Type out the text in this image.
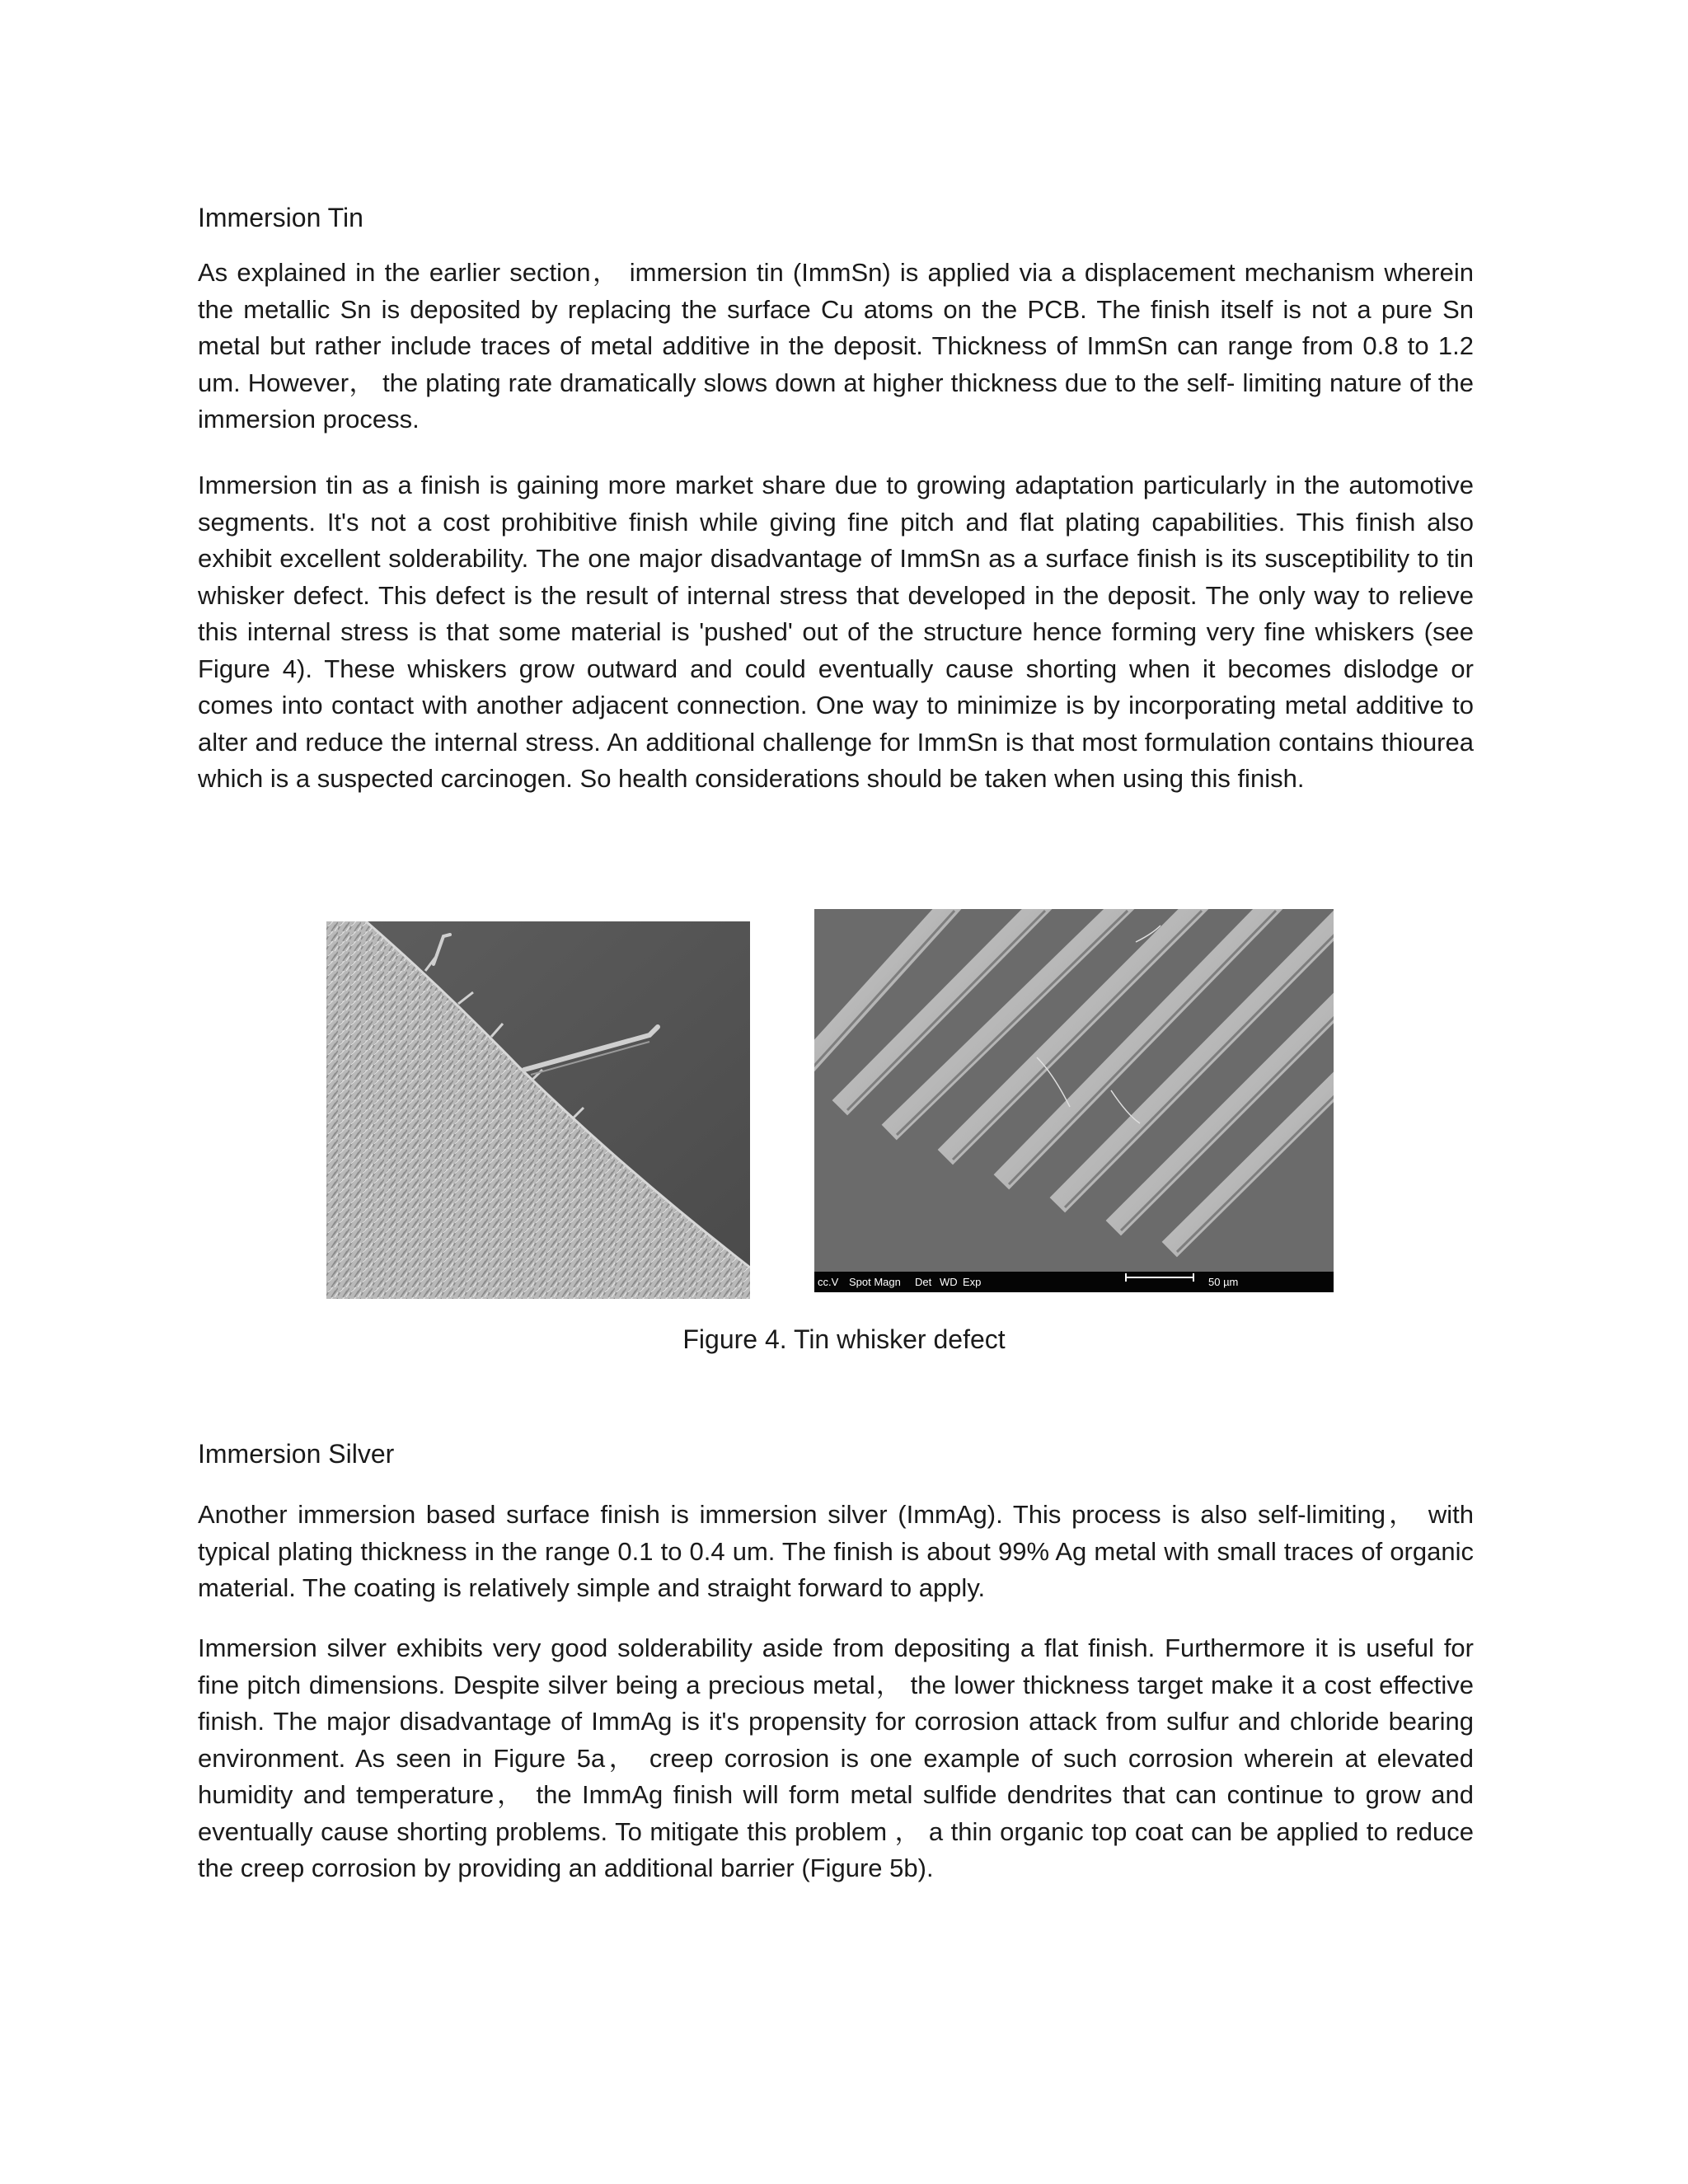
Immersion Tin

As explained in the earlier section， immersion tin (ImmSn) is applied via a displacement mechanism wherein the metallic Sn is deposited by replacing the surface Cu atoms on the PCB. The finish itself is not a pure Sn metal but rather include traces of metal additive in the deposit. Thickness of ImmSn can range from 0.8 to 1.2 um. However， the plating rate dramatically slows down at higher thickness due to the self- limiting nature of the immersion process.

Immersion tin as a finish is gaining more market share due to growing adaptation particularly in the automotive segments. It's not a cost prohibitive finish while giving fine pitch and flat plating capabilities. This finish also exhibit excellent solderability. The one major disadvantage of ImmSn as a surface finish is its susceptibility to tin whisker defect. This defect is the result of internal stress that developed in the deposit. The only way to relieve this internal stress is that some material is 'pushed' out of the structure hence forming very fine whiskers (see Figure 4). These whiskers grow outward and could eventually cause shorting when it becomes dislodge or comes into contact with another adjacent connection. One way to minimize is by incorporating metal additive to alter and reduce the internal stress. An additional challenge for ImmSn is that most formulation contains thiourea which is a suspected carcinogen. So health considerations should be taken when using this finish.

cc.V Spot Magn Det WD Exp	50 µm

Figure 4. Tin whisker defect

Immersion Silver

Another immersion based surface finish is immersion silver (ImmAg). This process is also self-limiting， with typical plating thickness in the range 0.1 to 0.4 um. The finish is about 99% Ag metal with small traces of organic material. The coating is relatively simple and straight forward to apply.

Immersion silver exhibits very good solderability aside from depositing a flat finish. Furthermore it is useful for fine pitch dimensions. Despite silver being a precious metal， the lower thickness target make it a cost effective finish. The major disadvantage of ImmAg is it's propensity for corrosion attack from sulfur and chloride bearing environment. As seen in Figure 5a， creep corrosion is one example of such corrosion wherein at elevated humidity and temperature， the ImmAg finish will form metal sulfide dendrites that can continue to grow and eventually cause shorting problems. To mitigate this problem ， a thin organic top coat can be applied to reduce the creep corrosion by providing an additional barrier (Figure 5b).
